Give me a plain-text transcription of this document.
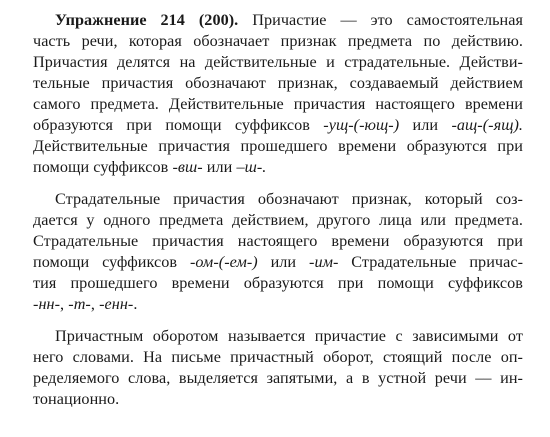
Упражнение 214 (200). Причастие — это самостоятельная
часть речи, которая обозначает признак предмета по действию.
Причастия делятся на действительные и страдательные. Действи-
тельные причастия обозначают признак, создаваемый действием
самого предмета. Действительные причастия настоящего времени
образуются при помощи суффиксов -ущ-(-ющ-) или -ащ-(-ящ).
Действительные причастия прошедшего времени образуются при
помощи суффиксов -вш- или –ш-.
Страдательные причастия обозначают признак, который соз-
дается у одного предмета действием, другого лица или предмета.
Страдательные причастия настоящего времени образуются при
помощи суффиксов -ом-(-ем-) или -им- Страдательные причас-
тия прошедшего времени образуются при помощи суффиксов
-нн-, -т-, -енн-.
Причастным оборотом называется причастие с зависимыми от
него словами. На письме причастный оборот, стоящий после оп-
ределяемого слова, выделяется запятыми, а в устной речи –– ин-
тонационно.
